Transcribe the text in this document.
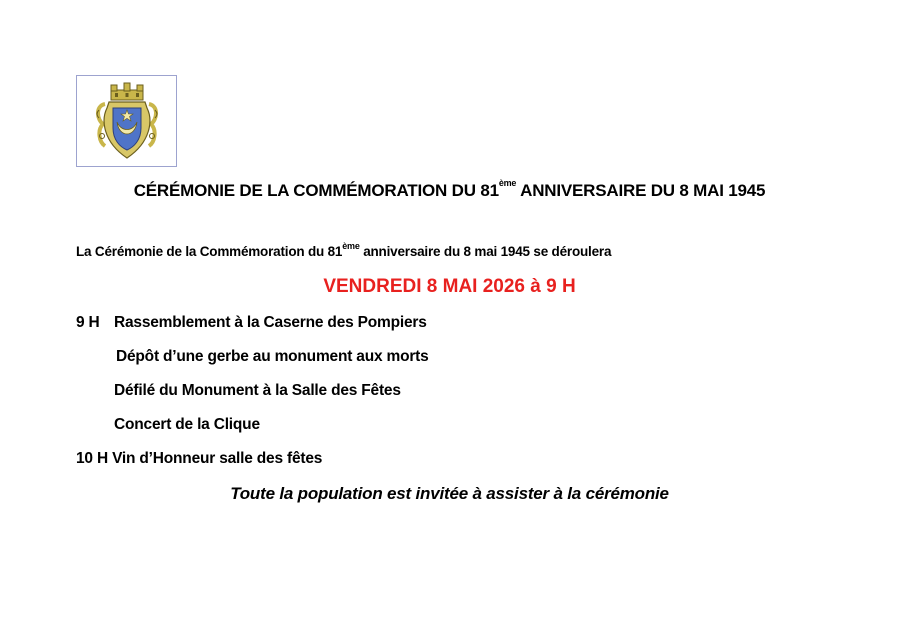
CÉRÉMONIE DE LA COMMÉMORATION DU 81ème ANNIVERSAIRE DU 8 MAI 1945
La Cérémonie de la Commémoration du 81ème anniversaire du 8 mai 1945 se déroulera
VENDREDI 8 MAI 2026 à 9 H
9 H Rassemblement à la Caserne des Pompiers
Dépôt d’une gerbe au monument aux morts
Défilé du Monument à la Salle des Fêtes
Concert de la Clique
10 H Vin d’Honneur salle des fêtes
Toute la population est invitée à assister à la cérémonie
